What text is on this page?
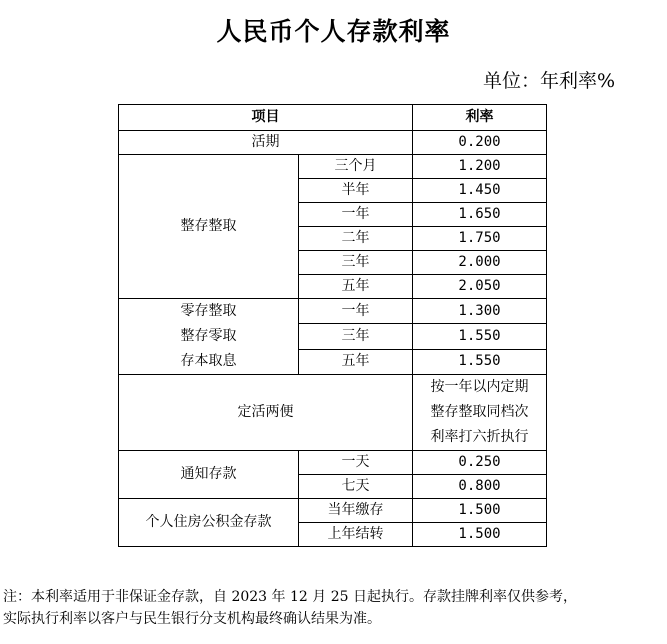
人民币个人存款利率
单位：年利率%
项目		利率
活期		0.200
整存整取	三个月	1.200
	半年	1.450
	一年	1.650
	二年	1.750
	三年	2.000
	五年	2.050

零存整取
整存零取
存本取息	一年	1.300
	三年	1.550
	五年	1.550
定活两便		按一年以内定期
整存整取同档次
利率打六折执行

通知存款	一天	0.250
	七天	0.800
个人住房公积金存款	当年缴存	1.500
	上年结转	1.500

注：本利率适用于非保证金存款，自 2023 年 12 月 25 日起执行。存款挂牌利率仅供参考，

实际执行利率以客户与民生银行分支机构最终确认结果为准。
